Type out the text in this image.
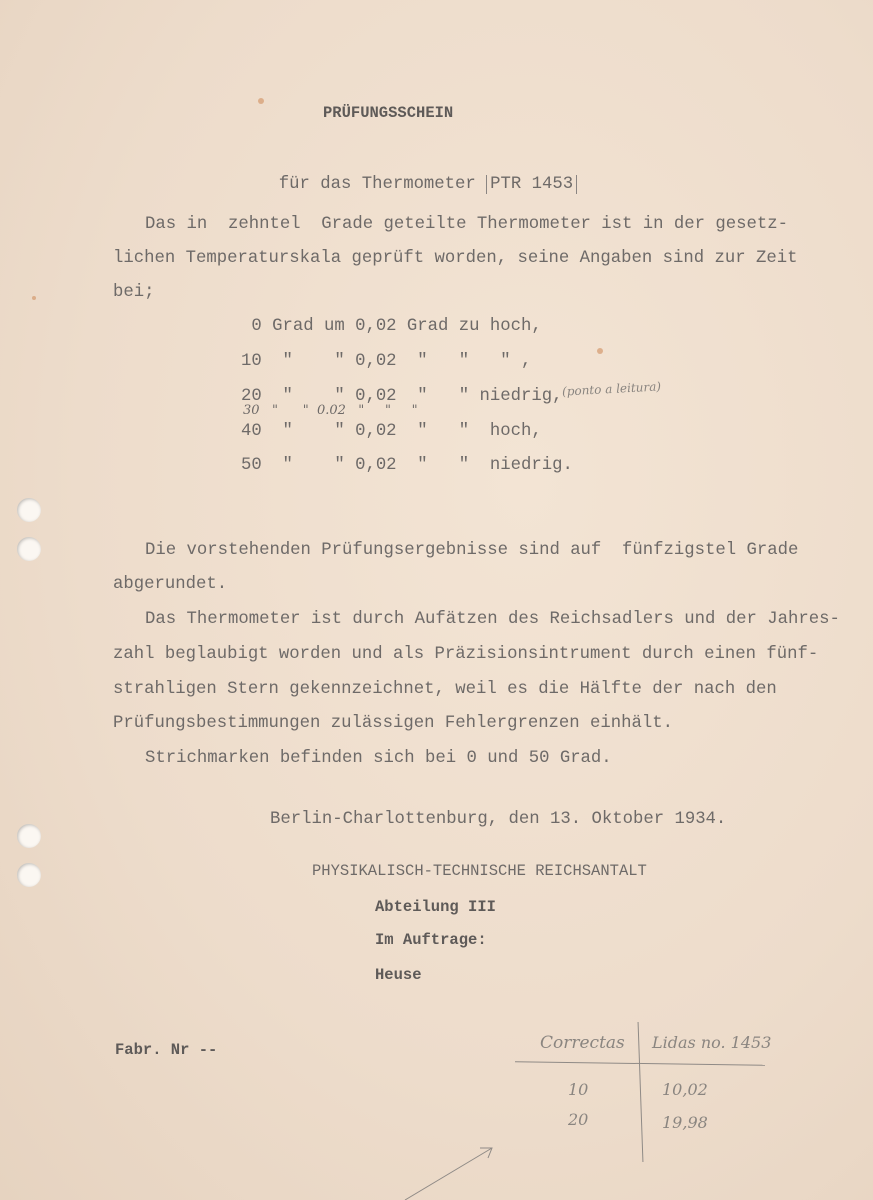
PRÜFUNGSSCHEIN

für das Thermometer PTR 1453

Das in  zehntel  Grade geteilte Thermometer ist in der gesetz-
lichen Temperaturskala geprüft worden, seine Angaben sind zur Zeit
bei;
0 Grad um 0,02 Grad zu hoch,
10  "    " 0,02  "   "   " ,
20  "    " 0,02  "   " niedrig,
30   "      "  0.02   "     "     "
(ponto a leitura)
40  "    " 0,02  "   "  hoch,
50  "    " 0,02  "   "  niedrig.
Die vorstehenden Prüfungsergebnisse sind auf  fünfzigstel Grade
abgerundet.
Das Thermometer ist durch Aufätzen des Reichsadlers und der Jahres-
zahl beglaubigt worden und als Präzisionsintrument durch einen fünf-
strahligen Stern gekennzeichnet, weil es die Hälfte der nach den
Prüfungsbestimmungen zulässigen Fehlergrenzen einhält.
Strichmarken befinden sich bei 0 und 50 Grad.
Berlin-Charlottenburg, den 13. Oktober 1934.
PHYSIKALISCH-TECHNISCHE REICHSANTALT
Abteilung III
Im Auftrage:
Heuse
Fabr. Nr --	Correctas Lidas no. 1453
10	10,02
20	19,98
